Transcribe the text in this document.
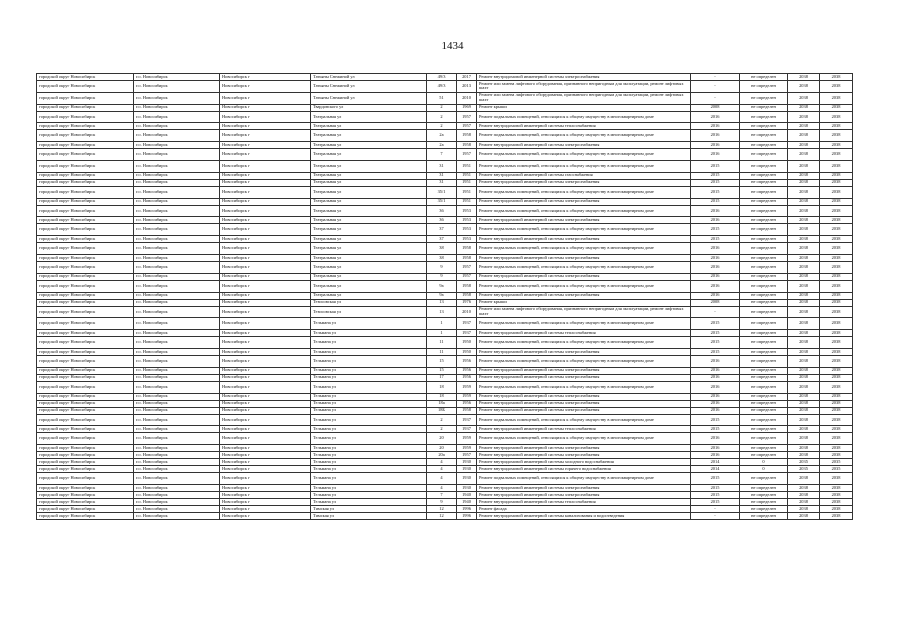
1434
городской округ Новосибирск	г.о. Новосибирск	Новосибирск г	Татьяны Снежиной ул	49/3	2017	Ремонт внутридомовой инженерной системы электроснабжения	-	не определен	2038	2038
городской округ Новосибирск	г.о. Новосибирск	Новосибирск г	Татьяны Снежиной ул	49/3	2013	Ремонт или замена лифтового оборудования, признанного непригодным для эксплуатации, ремонт лифтовых шахт	-	не определен	2038	2038
городской округ Новосибирск	г.о. Новосибирск	Новосибирск г	Татьяны Снежиной ул	51	2010	Ремонт или замена лифтового оборудования, признанного непригодным для эксплуатации, ремонт лифтовых шахт	-	не определен	2038	2038
городской округ Новосибирск	г.о. Новосибирск	Новосибирск г	Твардовского ул	2	1969	Ремонт крыши	2008	не определен	2038	2038
городской округ Новосибирск	г.о. Новосибирск	Новосибирск г	Театральная ул	2	1957	Ремонт подвальных помещений, относящихся к общему имуществу в многоквартирном доме	2016	не определен	2038	2038
городской округ Новосибирск	г.о. Новосибирск	Новосибирск г	Театральная ул	2	1957	Ремонт внутридомовой инженерной системы теплоснабжения	2016	не определен	2038	2038
городской округ Новосибирск	г.о. Новосибирск	Новосибирск г	Театральная ул	2а	1958	Ремонт подвальных помещений, относящихся к общему имуществу в многоквартирном доме	2016	не определен	2038	2038
городской округ Новосибирск	г.о. Новосибирск	Новосибирск г	Театральная ул	2а	1958	Ремонт внутридомовой инженерной системы электроснабжения	2016	не определен	2038	2038
городской округ Новосибирск	г.о. Новосибирск	Новосибирск г	Театральная ул	7	1957	Ремонт подвальных помещений, относящихся к общему имуществу в многоквартирном доме	2016	не определен	2038	2038
городской округ Новосибирск	г.о. Новосибирск	Новосибирск г	Театральная ул	31	1951	Ремонт подвальных помещений, относящихся к общему имуществу в многоквартирном доме	2015	не определен	2038	2038
городской округ Новосибирск	г.о. Новосибирск	Новосибирск г	Театральная ул	31	1951	Ремонт внутридомовой инженерной системы газоснабжения	2015	не определен	2038	2038
городской округ Новосибирск	г.о. Новосибирск	Новосибирск г	Театральная ул	31	1951	Ремонт внутридомовой инженерной системы электроснабжения	2015	не определен	2038	2038
городской округ Новосибирск	г.о. Новосибирск	Новосибирск г	Театральная ул	35/1	1951	Ремонт подвальных помещений, относящихся к общему имуществу в многоквартирном доме	2015	не определен	2038	2038
городской округ Новосибирск	г.о. Новосибирск	Новосибирск г	Театральная ул	35/1	1951	Ремонт внутридомовой инженерной системы электроснабжения	2015	не определен	2038	2038
городской округ Новосибирск	г.о. Новосибирск	Новосибирск г	Театральная ул	36	1953	Ремонт подвальных помещений, относящихся к общему имуществу в многоквартирном доме	2016	не определен	2038	2038
городской округ Новосибирск	г.о. Новосибирск	Новосибирск г	Театральная ул	36	1953	Ремонт внутридомовой инженерной системы электроснабжения	2016	не определен	2038	2038
городской округ Новосибирск	г.о. Новосибирск	Новосибирск г	Театральная ул	37	1953	Ремонт подвальных помещений, относящихся к общему имуществу в многоквартирном доме	2015	не определен	2038	2038
городской округ Новосибирск	г.о. Новосибирск	Новосибирск г	Театральная ул	37	1953	Ремонт внутридомовой инженерной системы электроснабжения	2015	не определен	2038	2038
городской округ Новосибирск	г.о. Новосибирск	Новосибирск г	Театральная ул	38	1958	Ремонт подвальных помещений, относящихся к общему имуществу в многоквартирном доме	2016	не определен	2038	2038
городской округ Новосибирск	г.о. Новосибирск	Новосибирск г	Театральная ул	38	1958	Ремонт внутридомовой инженерной системы электроснабжения	2016	не определен	2038	2038
городской округ Новосибирск	г.о. Новосибирск	Новосибирск г	Театральная ул	9	1957	Ремонт подвальных помещений, относящихся к общему имуществу в многоквартирном доме	2016	не определен	2038	2038
городской округ Новосибирск	г.о. Новосибирск	Новосибирск г	Театральная ул	9	1957	Ремонт внутридомовой инженерной системы электроснабжения	2016	не определен	2038	2038
городской округ Новосибирск	г.о. Новосибирск	Новосибирск г	Театральная ул	9а	1958	Ремонт подвальных помещений, относящихся к общему имуществу в многоквартирном доме	2016	не определен	2038	2038
городской округ Новосибирск	г.о. Новосибирск	Новосибирск г	Театральная ул	9а	1958	Ремонт внутридомовой инженерной системы электроснабжения	2016	не определен	2038	2038
городской округ Новосибирск	г.о. Новосибирск	Новосибирск г	Тезисовская ул	13	1976	Ремонт крыши	2008	не определен	2038	2038
городской округ Новосибирск	г.о. Новосибирск	Новосибирск г	Тезисовская ул	13	2010	Ремонт или замена лифтового оборудования, признанного непригодным для эксплуатации, ремонт лифтовых шахт	-	не определен	2038	2038
городской округ Новосибирск	г.о. Новосибирск	Новосибирск г	Тельмана ул	1	1937	Ремонт подвальных помещений, относящихся к общему имуществу в многоквартирном доме	2015	не определен	2038	2038
городской округ Новосибирск	г.о. Новосибирск	Новосибирск г	Тельмана ул	1	1937	Ремонт внутридомовой инженерной системы теплоснабжения	2015	не определен	2038	2038
городской округ Новосибирск	г.о. Новосибирск	Новосибирск г	Тельмана ул	11	1950	Ремонт подвальных помещений, относящихся к общему имуществу в многоквартирном доме	2015	не определен	2038	2038
городской округ Новосибирск	г.о. Новосибирск	Новосибирск г	Тельмана ул	11	1950	Ремонт внутридомовой инженерной системы электроснабжения	2015	не определен	2038	2038
городской округ Новосибирск	г.о. Новосибирск	Новосибирск г	Тельмана ул	15	1956	Ремонт подвальных помещений, относящихся к общему имуществу в многоквартирном доме	2016	не определен	2038	2038
городской округ Новосибирск	г.о. Новосибирск	Новосибирск г	Тельмана ул	15	1956	Ремонт внутридомовой инженерной системы электроснабжения	2016	не определен	2038	2038
городской округ Новосибирск	г.о. Новосибирск	Новосибирск г	Тельмана ул	17	1956	Ремонт внутридомовой инженерной системы электроснабжения	2016	не определен	2038	2038
городской округ Новосибирск	г.о. Новосибирск	Новосибирск г	Тельмана ул	18	1959	Ремонт подвальных помещений, относящихся к общему имуществу в многоквартирном доме	2016	не определен	2038	2038
городской округ Новосибирск	г.о. Новосибирск	Новосибирск г	Тельмана ул	18	1959	Ремонт внутридомовой инженерной системы электроснабжения	2016	не определен	2038	2038
городской округ Новосибирск	г.о. Новосибирск	Новосибирск г	Тельмана ул	18а	1956	Ремонт внутридомовой инженерной системы электроснабжения	2016	не определен	2038	2038
городской округ Новосибирск	г.о. Новосибирск	Новосибирск г	Тельмана ул	18Б	1958	Ремонт внутридомовой инженерной системы электроснабжения	2016	не определен	2038	2038
городской округ Новосибирск	г.о. Новосибирск	Новосибирск г	Тельмана ул	2	1937	Ремонт подвальных помещений, относящихся к общему имуществу в многоквартирном доме	2015	не определен	2038	2038
городской округ Новосибирск	г.о. Новосибирск	Новосибирск г	Тельмана ул	2	1937	Ремонт внутридомовой инженерной системы теплоснабжения	2015	не определен	2038	2038
городской округ Новосибирск	г.о. Новосибирск	Новосибирск г	Тельмана ул	20	1959	Ремонт подвальных помещений, относящихся к общему имуществу в многоквартирном доме	2016	не определен	2038	2038
городской округ Новосибирск	г.о. Новосибирск	Новосибирск г	Тельмана ул	20	1959	Ремонт внутридомовой инженерной системы электроснабжения	2016	не определен	2038	2038
городской округ Новосибирск	г.о. Новосибирск	Новосибирск г	Тельмана ул	20а	1957	Ремонт внутридомовой инженерной системы электроснабжения	2016	не определен	2038	2038
городской округ Новосибирск	г.о. Новосибирск	Новосибирск г	Тельмана ул	4	1930	Ремонт внутридомовой инженерной системы холодного водоснабжения	2014	0	2035	2035
городской округ Новосибирск	г.о. Новосибирск	Новосибирск г	Тельмана ул	4	1930	Ремонт внутридомовой инженерной системы горячего водоснабжения	2014	0	2035	2035
городской округ Новосибирск	г.о. Новосибирск	Новосибирск г	Тельмана ул	4	1930	Ремонт подвальных помещений, относящихся к общему имуществу в многоквартирном доме	2015	не определен	2038	2038
городской округ Новосибирск	г.о. Новосибирск	Новосибирск г	Тельмана ул	4	1930	Ремонт внутридомовой инженерной системы электроснабжения	2015	не определен	2038	2038
городской округ Новосибирск	г.о. Новосибирск	Новосибирск г	Тельмана ул	7	1940	Ремонт внутридомовой инженерной системы электроснабжения	2015	не определен	2038	2038
городской округ Новосибирск	г.о. Новосибирск	Новосибирск г	Тельмана ул	9	1940	Ремонт внутридомовой инженерной системы теплоснабжения	2015	не определен	2038	2038
городской округ Новосибирск	г.о. Новосибирск	Новосибирск г	Тимская ул	12	1996	Ремонт фасада	-	не определен	2038	2038
городской округ Новосибирск	г.о. Новосибирск	Новосибирск г	Тимская ул	12	1996	Ремонт внутридомовой инженерной системы канализования и водоотведения	-	не определен	2038	2038
